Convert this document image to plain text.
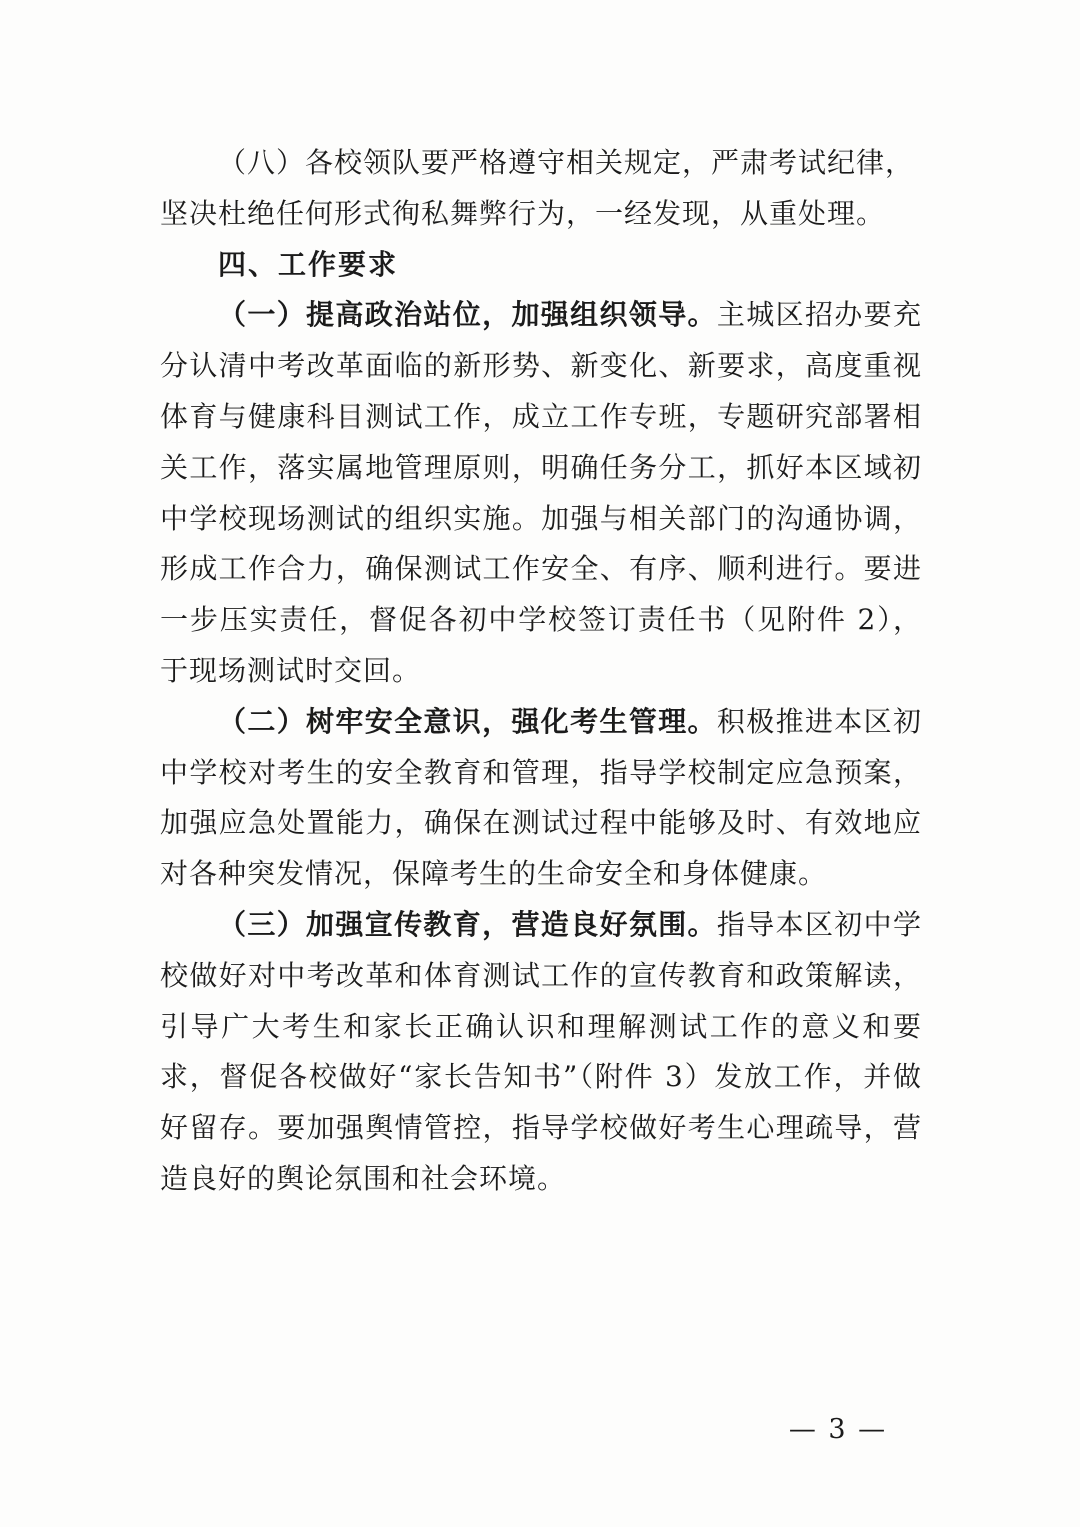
（八）各校领队要严格遵守相关规定，严肃考试纪律，
坚决杜绝任何形式徇私舞弊行为，一经发现，从重处理。
四、工作要求
（一）提高政治站位，加强组织领导。主城区招办要充
分认清中考改革面临的新形势、新变化、新要求，高度重视
体育与健康科目测试工作，成立工作专班，专题研究部署相
关工作，落实属地管理原则，明确任务分工，抓好本区域初
中学校现场测试的组织实施。加强与相关部门的沟通协调，
形成工作合力，确保测试工作安全、有序、顺利进行。要进
一步压实责任，督促各初中学校签订责任书（见附件 2），
于现场测试时交回。
（二）树牢安全意识，强化考生管理。积极推进本区初
中学校对考生的安全教育和管理，指导学校制定应急预案，
加强应急处置能力，确保在测试过程中能够及时、有效地应
对各种突发情况，保障考生的生命安全和身体健康。
（三）加强宣传教育，营造良好氛围。指导本区初中学
校做好对中考改革和体育测试工作的宣传教育和政策解读，
引导广大考生和家长正确认识和理解测试工作的意义和要
求，督促各校做好“家长告知书”（附件 3）发放工作，并做
好留存。要加强舆情管控，指导学校做好考生心理疏导，营
造良好的舆论氛围和社会环境。
— 3 —
